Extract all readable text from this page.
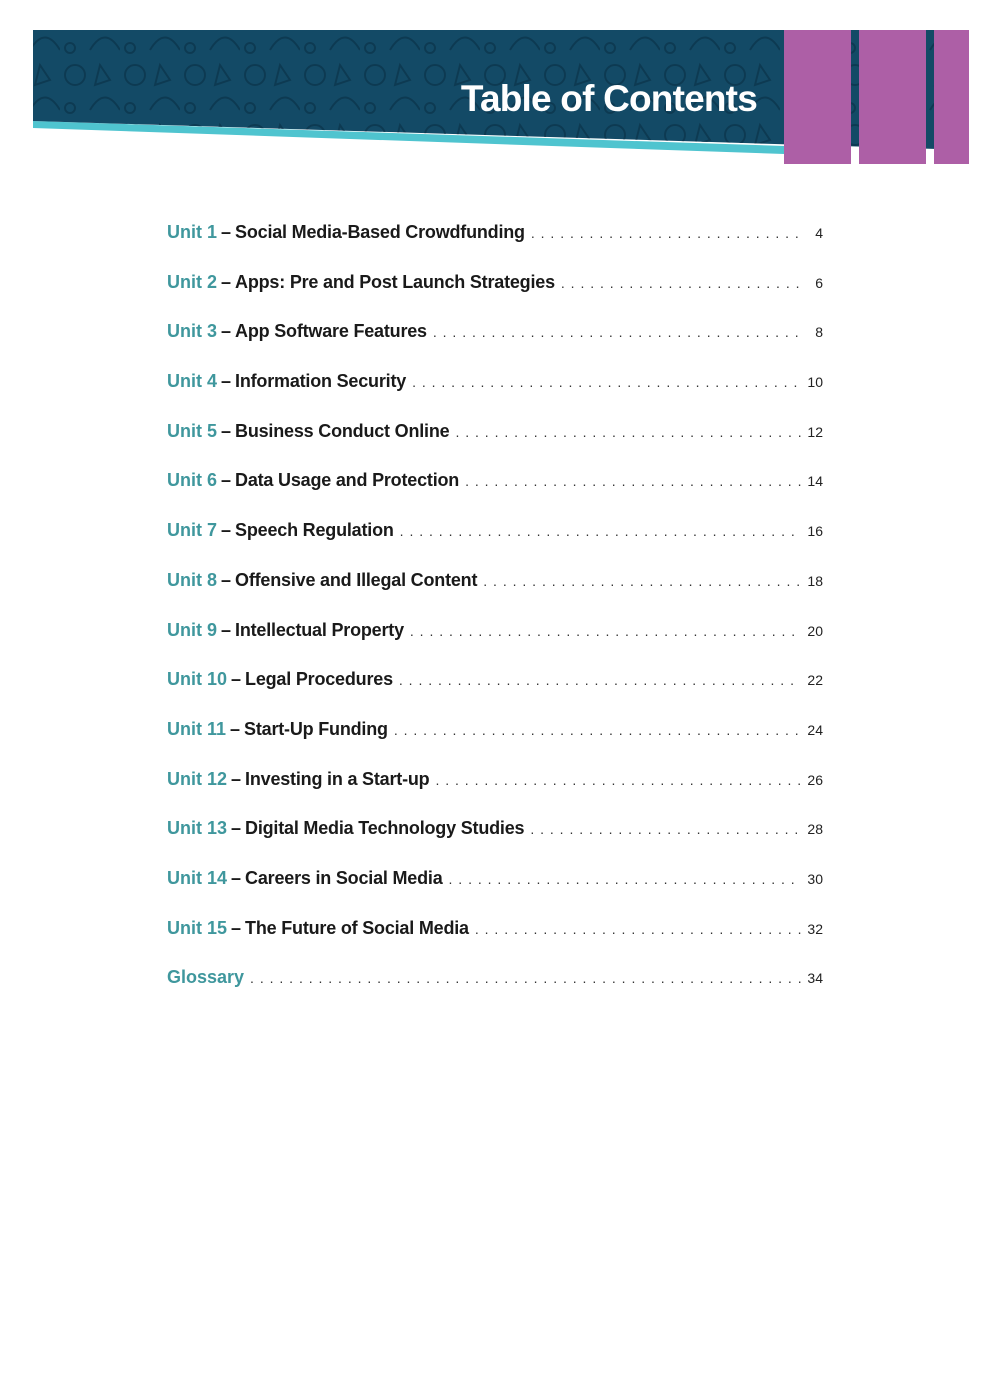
Table of Contents
Unit 1 – Social Media-Based Crowdfunding . . .	4
Unit 2 – Apps: Pre and Post Launch Strategies . . .	6
Unit 3 – App Software Features . . .	8
Unit 4 – Information Security . . .	10
Unit 5 – Business Conduct Online . . .	12
Unit 6 – Data Usage and Protection . . .	14
Unit 7 – Speech Regulation . . .	16
Unit 8 – Offensive and Illegal Content . . .	18
Unit 9 – Intellectual Property . . .	20
Unit 10 – Legal Procedures . . .	22
Unit 11 – Start-Up Funding . . .	24
Unit 12 – Investing in a Start-up . . .	26
Unit 13 – Digital Media Technology Studies . . .	28
Unit 14 – Careers in Social Media . . .	30
Unit 15 – The Future of Social Media . . .	32
Glossary . . .	34
